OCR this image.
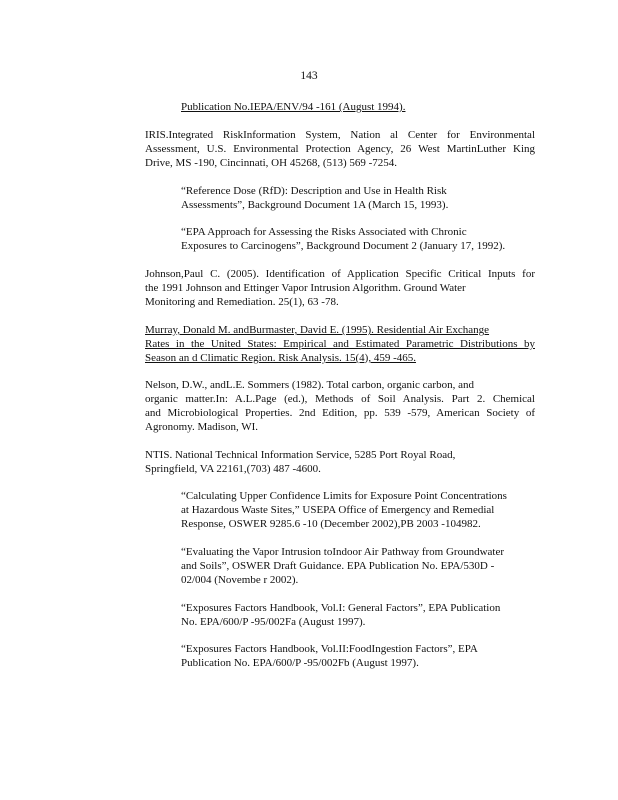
143
Publication No.IEPA/ENV/94 -161 (August 1994).
IRIS.Integrated RiskInformation System, Nation al Center for Environmental
Assessment, U.S. Environmental Protection Agency, 26 West MartinLuther King
Drive, MS -190, Cincinnati, OH 45268, (513) 569 -7254.
“Reference Dose (RfD): Description and Use in Health Risk
Assessments”, Background Document 1A (March 15, 1993).
“EPA Approach for Assessing the Risks Associated with Chronic
Exposures to Carcinogens”, Background Document 2 (January 17, 1992).
Johnson,Paul C. (2005). Identification of Application Specific Critical Inputs for
the 1991 Johnson and Ettinger Vapor Intrusion Algorithm. Ground Water
Monitoring and Remediation. 25(1), 63 -78.
Murray, Donald M. andBurmaster, David E. (1995). Residential Air Exchange
Rates in the United States: Empirical and Estimated Parametric Distributions by
Season an d Climatic Region. Risk Analysis. 15(4), 459 -465.
Nelson, D.W., andL.E. Sommers (1982). Total carbon, organic carbon, and
organic matter.In: A.L.Page (ed.), Methods of Soil Analysis. Part 2. Chemical
and Microbiological Properties. 2nd Edition, pp. 539 -579, American Society of
Agronomy. Madison, WI.
NTIS. National Technical Information Service, 5285 Port Royal Road,
Springfield, VA 22161,(703) 487 -4600.
“Calculating Upper Confidence Limits for Exposure Point Concentrations
at Hazardous Waste Sites,” USEPA Office of Emergency and Remedial
Response, OSWER 9285.6 -10 (December 2002),PB 2003 -104982.
“Evaluating the Vapor Intrusion toIndoor Air Pathway from Groundwater
and Soils”, OSWER Draft Guidance. EPA Publication No. EPA/530D -
02/004 (Novembe r 2002).
“Exposures Factors Handbook, Vol.I: General Factors”, EPA Publication
No. EPA/600/P -95/002Fa (August 1997).
“Exposures Factors Handbook, Vol.II:FoodIngestion Factors”, EPA
Publication No. EPA/600/P -95/002Fb (August 1997).
